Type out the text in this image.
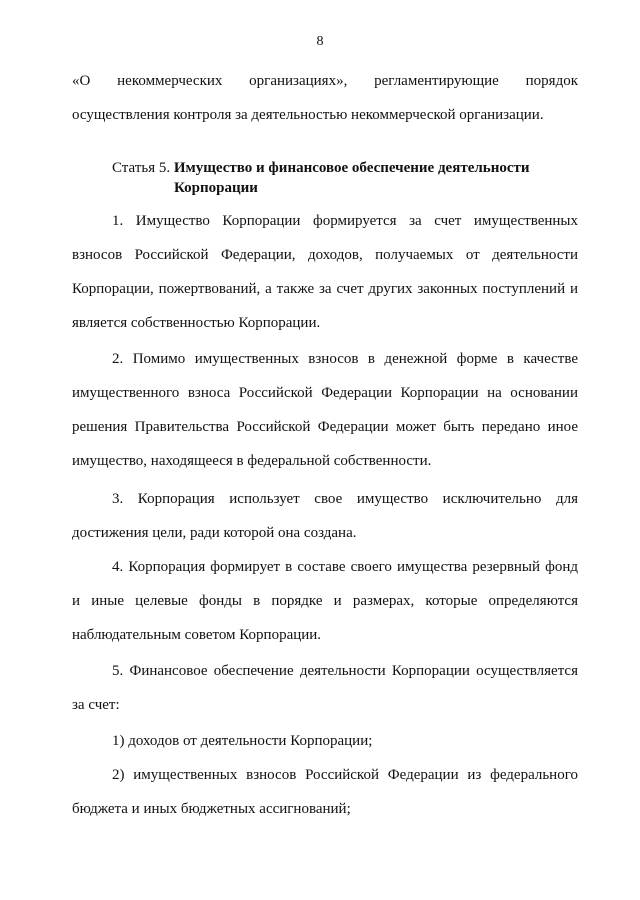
8

«О некоммерческих организациях», регламентирующие порядок

осуществления контроля за деятельностью некоммерческой организации.

Статья 5. Имущество и финансовое обеспечение деятельности
Корпорации

1. Имущество Корпорации формируется за счет имущественных взносов Российской Федерации, доходов, получаемых от деятельности Корпорации, пожертвований, а также за счет других законных поступлений и является собственностью Корпорации.

2. Помимо имущественных взносов в денежной форме в качестве имущественного взноса Российской Федерации Корпорации на основании решения Правительства Российской Федерации может быть передано иное имущество, находящееся в федеральной собственности.

3. Корпорация использует свое имущество исключительно для достижения цели, ради которой она создана.

4. Корпорация формирует в составе своего имущества резервный фонд и иные целевые фонды в порядке и размерах, которые определяются наблюдательным советом Корпорации.

5. Финансовое обеспечение деятельности Корпорации осуществляется за счет:

1) доходов от деятельности Корпорации;

2) имущественных взносов Российской Федерации из федерального бюджета и иных бюджетных ассигнований;
